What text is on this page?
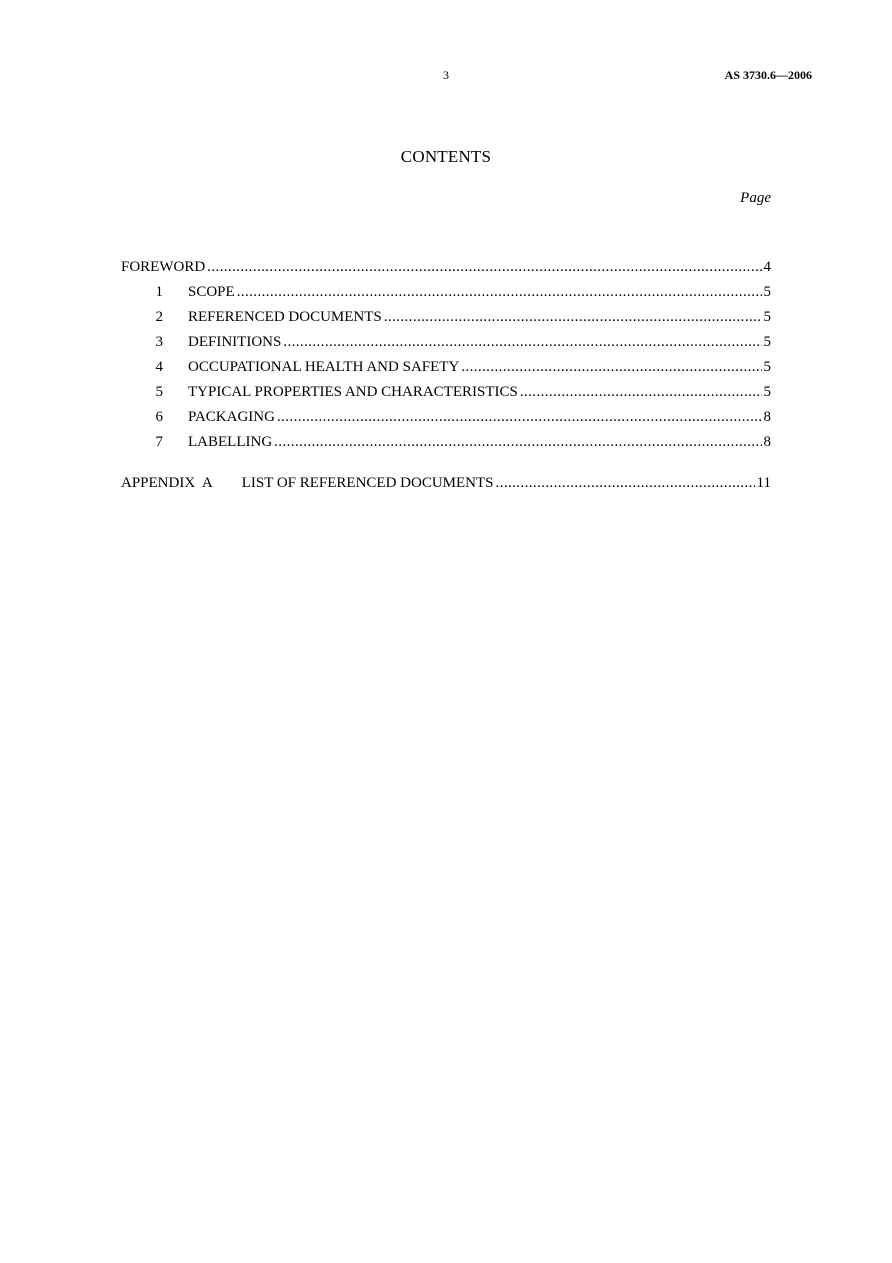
3	AS 3730.6—2006
CONTENTS
Page
FOREWORD .....	4
1	SCOPE .....	5
2	REFERENCED DOCUMENTS .....	5
3	DEFINITIONS .....	5
4	OCCUPATIONAL HEALTH AND SAFETY .....	5
5	TYPICAL PROPERTIES AND CHARACTERISTICS .....	5
6	PACKAGING .....	8
7	LABELLING .....	8
APPENDIX  A	LIST OF REFERENCED DOCUMENTS .....	11
